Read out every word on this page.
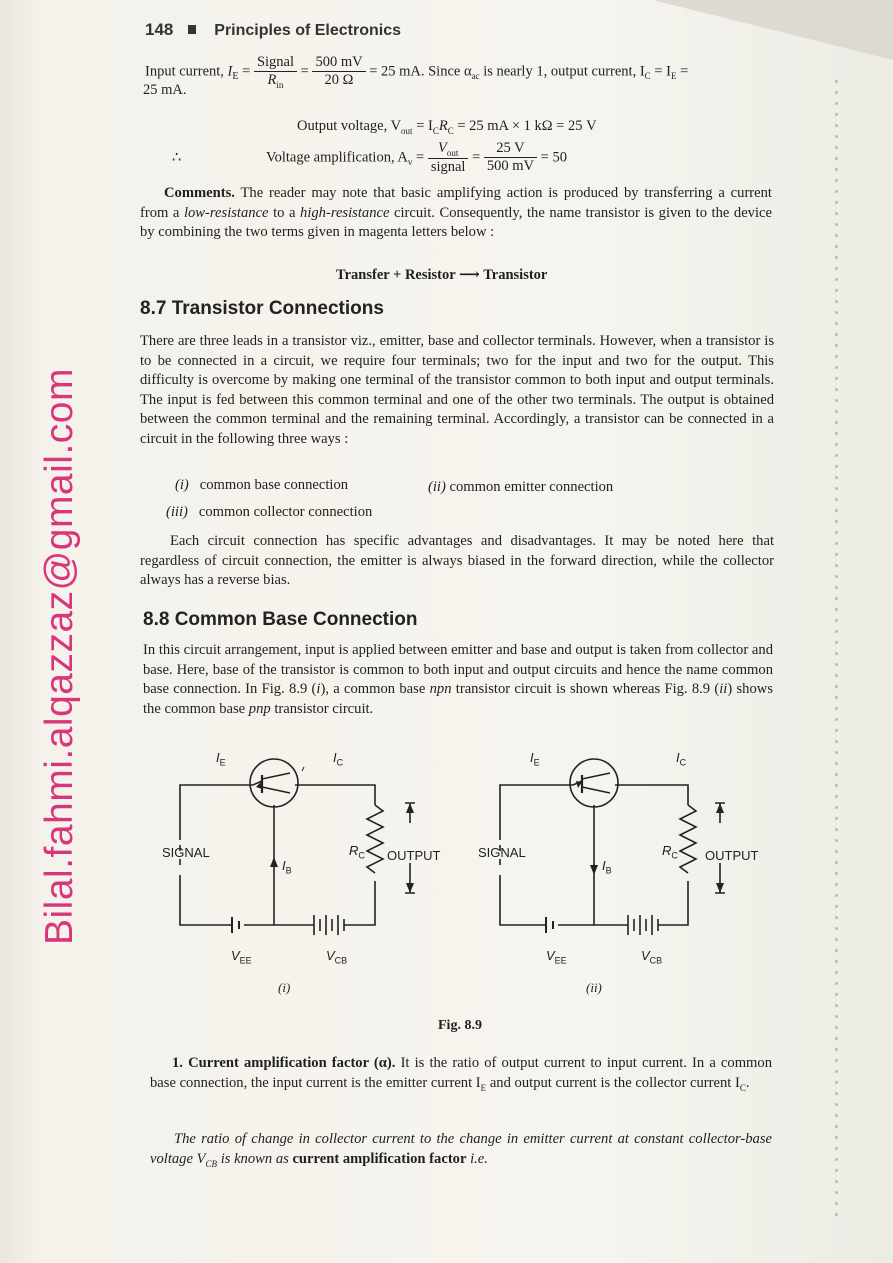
148	Principles of Electronics
Bilal.fahmi.alqazzaz@gmail.com
Input current, $I_E = \frac{\text{Signal}}{R_{in}} = \frac{500 mV}{20 \Omega} = 25$ mA. Since $\alpha_{ac}$ is nearly 1, output current, $I_C = I_E$ =
25 mA.
Output voltage, $V_{out} = I_CR_C = 25$ mA × 1 kΩ = 25 V
∴	Voltage amplification, $A_v = \frac{V_{out}}{\text{signal}} = \frac{25 V}{500 mV} = 50$
Comments. The reader may note that basic amplifying action is produced by transferring a current from a low-resistance to a high-resistance circuit. Consequently, the name transistor is given to the device by combining the two terms given in magenta letters below :
Transfer + Resistor ⟶ Transistor
8.7 Transistor Connections
There are three leads in a transistor viz., emitter, base and collector terminals. However, when a transistor is to be connected in a circuit, we require four terminals; two for the input and two for the output. This difficulty is overcome by making one terminal of the transistor common to both input and output terminals. The input is fed between this common terminal and one of the other two terminals. The output is obtained between the common terminal and the remaining terminal. Accordingly, a transistor can be connected in a circuit in the following three ways :
(i) common base connection	(ii) common emitter connection
(iii) common collector connection
Each circuit connection has specific advantages and disadvantages. It may be noted here that regardless of circuit connection, the emitter is always biased in the forward direction, while the collector always has a reverse bias.
8.8 Common Base Connection
In this circuit arrangement, input is applied between emitter and base and output is taken from collector and base. Here, base of the transistor is common to both input and output circuits and hence the name common base connection. In Fig. 8.9 (i), a common base npn transistor circuit is shown whereas Fig. 8.9 (ii) shows the common base pnp transistor circuit.
$I_E$	$I_C$
$I_B$
$R_C$
SIGNAL	OUTPUT
$V_{EE}$	$V_{CB}$
(i)
$I_E$	$I_C$
$I_B$
$R_C$
SIGNAL	OUTPUT
$V_{EE}$	$V_{CB}$
(ii)
Fig. 8.9
1. Current amplification factor (α). It is the ratio of output current to input current. In a common base connection, the input current is the emitter current $I_E$ and output current is the collector current $I_C$.
The ratio of change in collector current to the change in emitter current at constant collector-base voltage $V_{CB}$ is known as current amplification factor i.e.
